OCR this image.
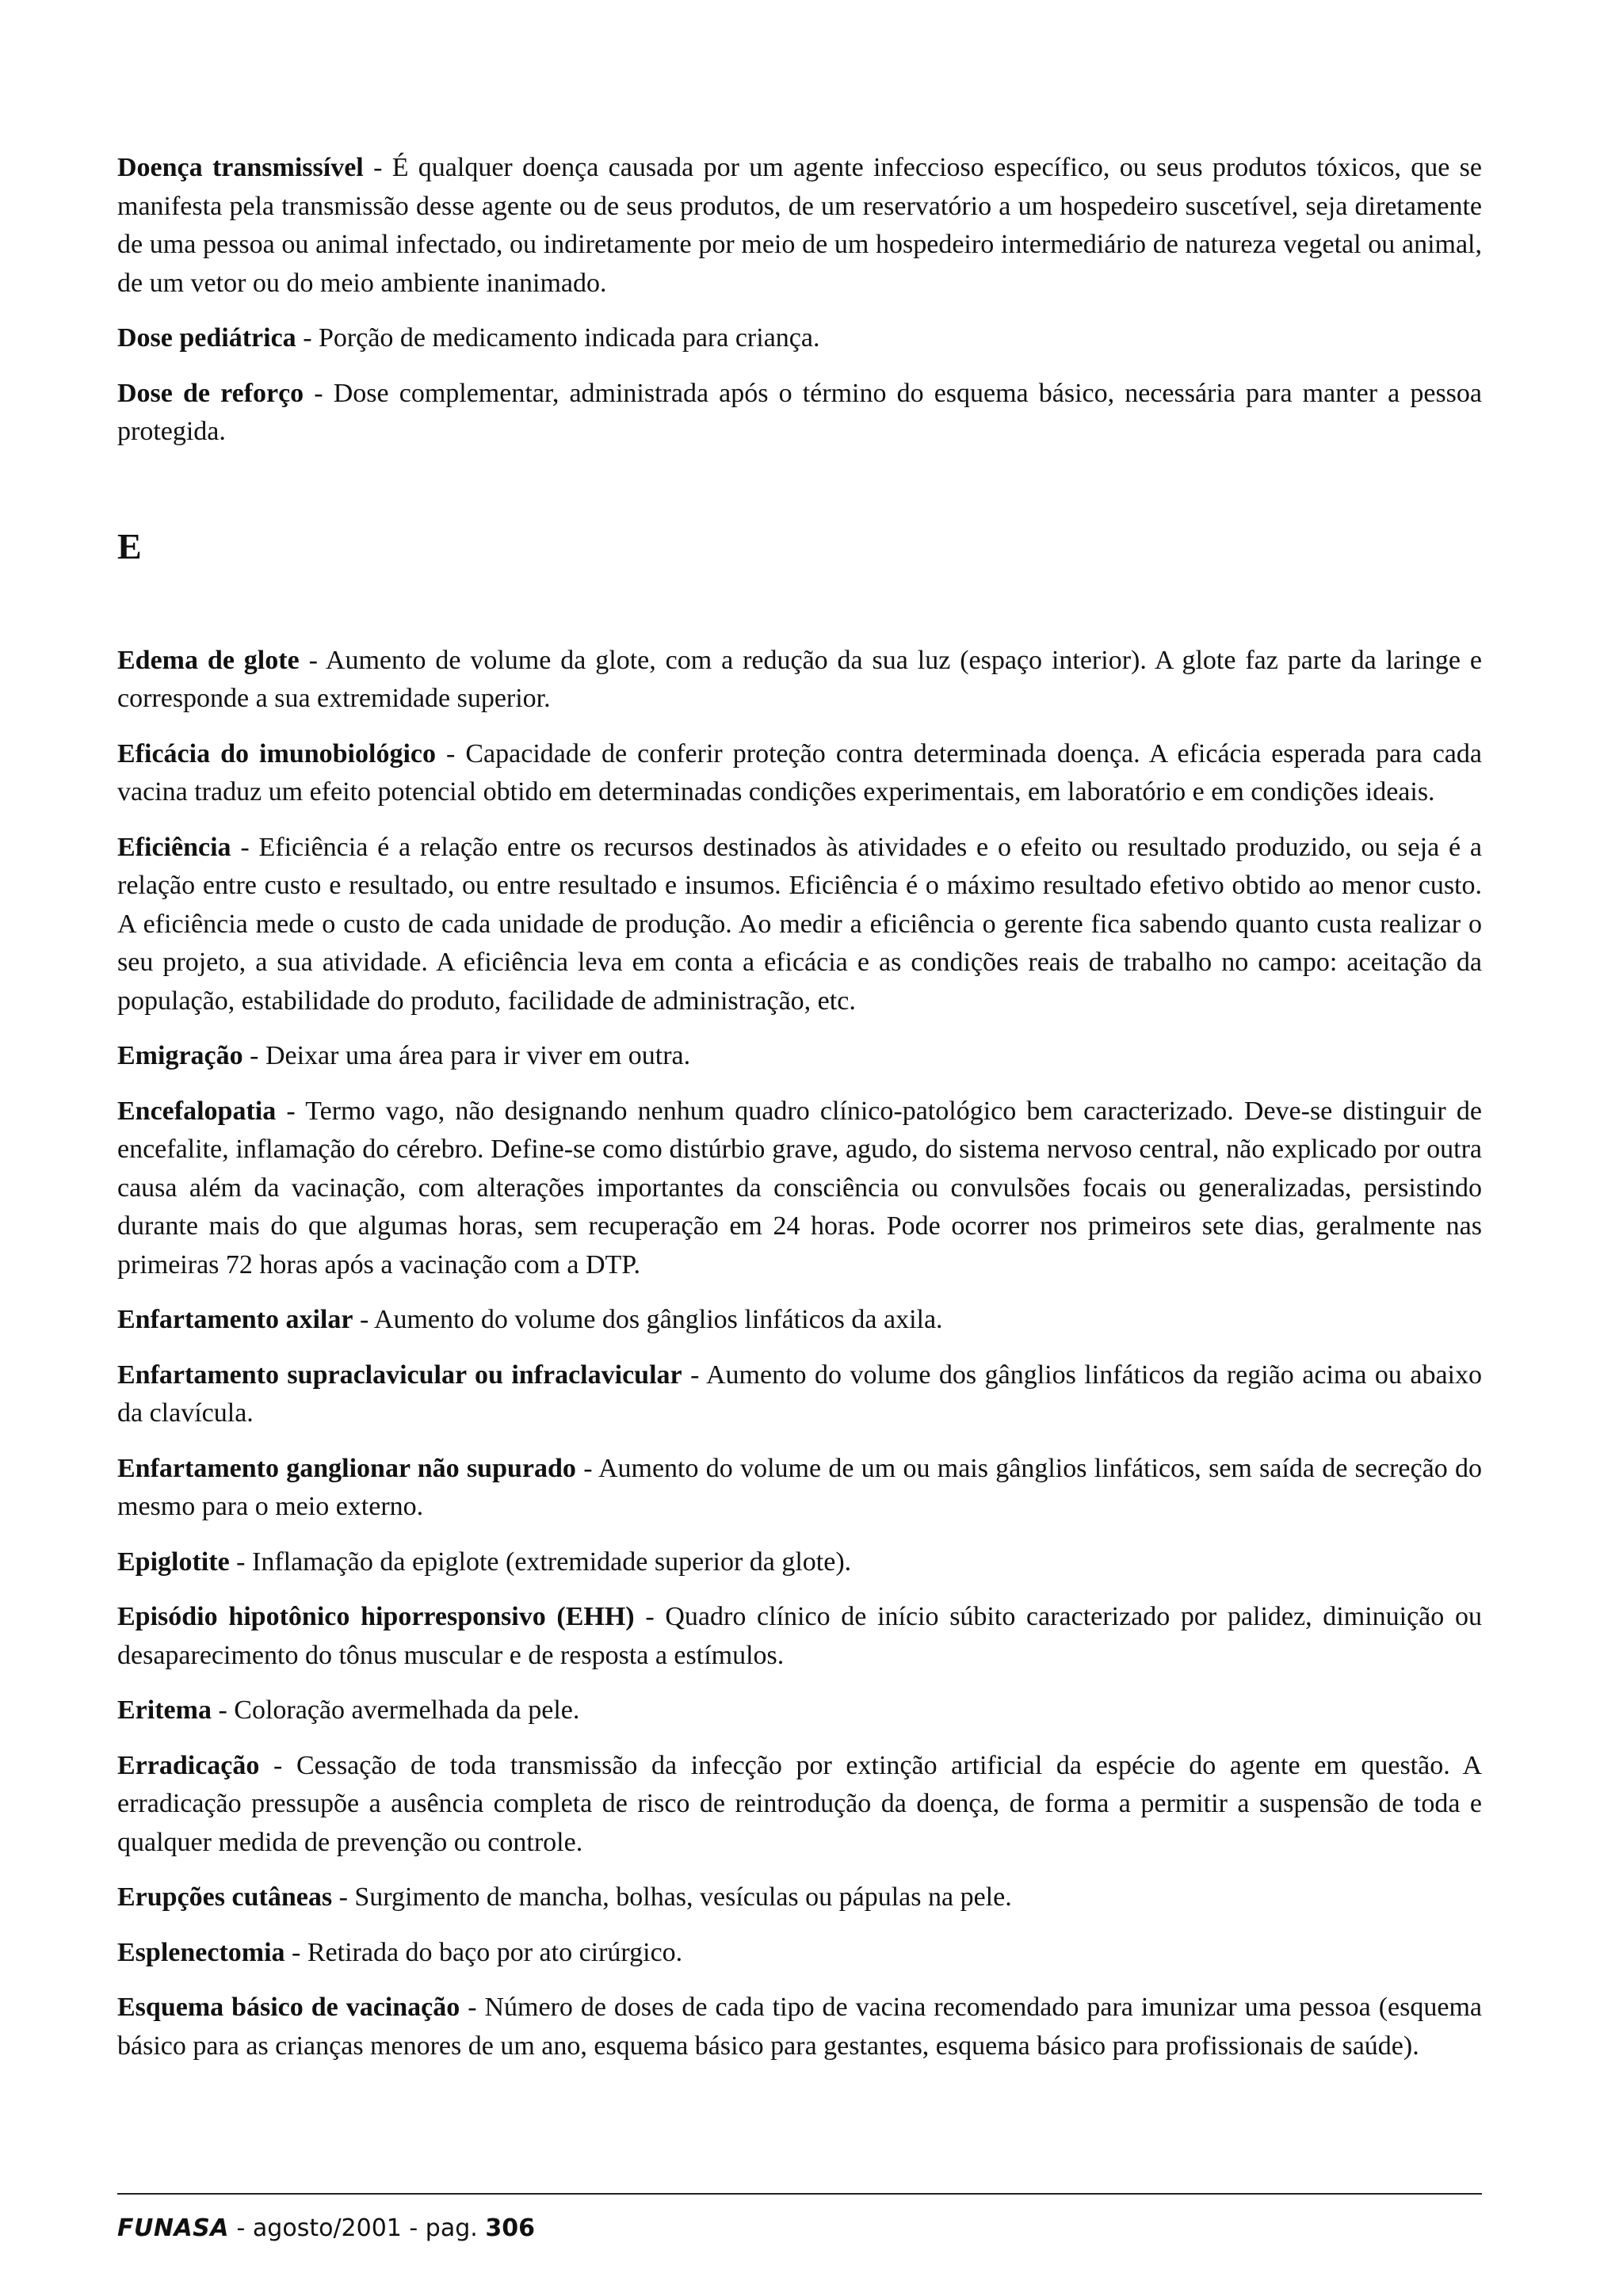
Doença transmissível - É qualquer doença causada por um agente infeccioso específico, ou seus produtos tóxicos, que se manifesta pela transmissão desse agente ou de seus produtos, de um reservatório a um hospedeiro suscetível, seja diretamente de uma pessoa ou animal infectado, ou indiretamente por meio de um hospedeiro intermediário de natureza vegetal ou animal, de um vetor ou do meio ambiente inanimado.

Dose pediátrica - Porção de medicamento indicada para criança.

Dose de reforço - Dose complementar, administrada após o término do esquema básico, necessária para manter a pessoa protegida.

E

Edema de glote - Aumento de volume da glote, com a redução da sua luz (espaço interior). A glote faz parte da laringe e corresponde a sua extremidade superior.

Eficácia do imunobiológico - Capacidade de conferir proteção contra determinada doença. A eficácia esperada para cada vacina traduz um efeito potencial obtido em determinadas condições experimentais, em laboratório e em condições ideais.

Eficiência - Eficiência é a relação entre os recursos destinados às atividades e o efeito ou resultado produzido, ou seja é a relação entre custo e resultado, ou entre resultado e insumos. Eficiência é o máximo resultado efetivo obtido ao menor custo. A eficiência mede o custo de cada unidade de produção. Ao medir a eficiência o gerente fica sabendo quanto custa realizar o seu projeto, a sua atividade. A eficiência leva em conta a eficácia e as condições reais de trabalho no campo: aceitação da população, estabilidade do produto, facilidade de administração, etc.

Emigração - Deixar uma área para ir viver em outra.

Encefalopatia - Termo vago, não designando nenhum quadro clínico-patológico bem caracterizado. Deve-se distinguir de encefalite, inflamação do cérebro. Define-se como distúrbio grave, agudo, do sistema nervoso central, não explicado por outra causa além da vacinação, com alterações importantes da consciência ou convulsões focais ou generalizadas, persistindo durante mais do que algumas horas, sem recuperação em 24 horas. Pode ocorrer nos primeiros sete dias, geralmente nas primeiras 72 horas após a vacinação com a DTP.

Enfartamento axilar - Aumento do volume dos gânglios linfáticos da axila.

Enfartamento supraclavicular ou infraclavicular - Aumento do volume dos gânglios linfáticos da região acima ou abaixo da clavícula.

Enfartamento ganglionar não supurado - Aumento do volume de um ou mais gânglios linfáticos, sem saída de secreção do mesmo para o meio externo.

Epiglotite - Inflamação da epiglote (extremidade superior da glote).

Episódio hipotônico hiporresponsivo (EHH) - Quadro clínico de início súbito caracterizado por palidez, diminuição ou desaparecimento do tônus muscular e de resposta a estímulos.

Eritema - Coloração avermelhada da pele.

Erradicação - Cessação de toda transmissão da infecção por extinção artificial da espécie do agente em questão. A erradicação pressupõe a ausência completa de risco de reintrodução da doença, de forma a permitir a suspensão de toda e qualquer medida de prevenção ou controle.

Erupções cutâneas - Surgimento de mancha, bolhas, vesículas ou pápulas na pele.

Esplenectomia - Retirada do baço por ato cirúrgico.

Esquema básico de vacinação - Número de doses de cada tipo de vacina recomendado para imunizar uma pessoa (esquema básico para as crianças menores de um ano, esquema básico para gestantes, esquema básico para profissionais de saúde).

FUNASA - agosto/2001 - pag. 306
